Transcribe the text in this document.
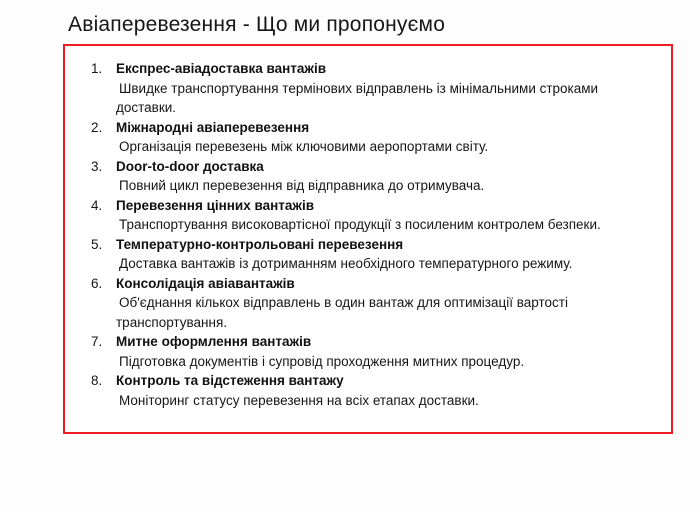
Авіаперевезення - Що ми пропонуємо
1.	Експрес-авіадоставка вантажів
Швидке транспортування термінових відправлень із мінімальними строками доставки.
2.	Міжнародні авіаперевезення
Організація перевезень між ключовими аеропортами світу.
3.	Door-to-door доставка
Повний цикл перевезення від відправника до отримувача.
4.	Перевезення цінних вантажів
Транспортування високовартісної продукції з посиленим контролем безпеки.
5.	Температурно-контрольовані перевезення
Доставка вантажів із дотриманням необхідного температурного режиму.
6.	Консолідація авіавантажів
Об'єднання кількох відправлень в один вантаж для оптимізації вартості транспортування.
7.	Митне оформлення вантажів
Підготовка документів і супровід проходження митних процедур.
8.	Контроль та відстеження вантажу
Моніторинг статусу перевезення на всіх етапах доставки.
